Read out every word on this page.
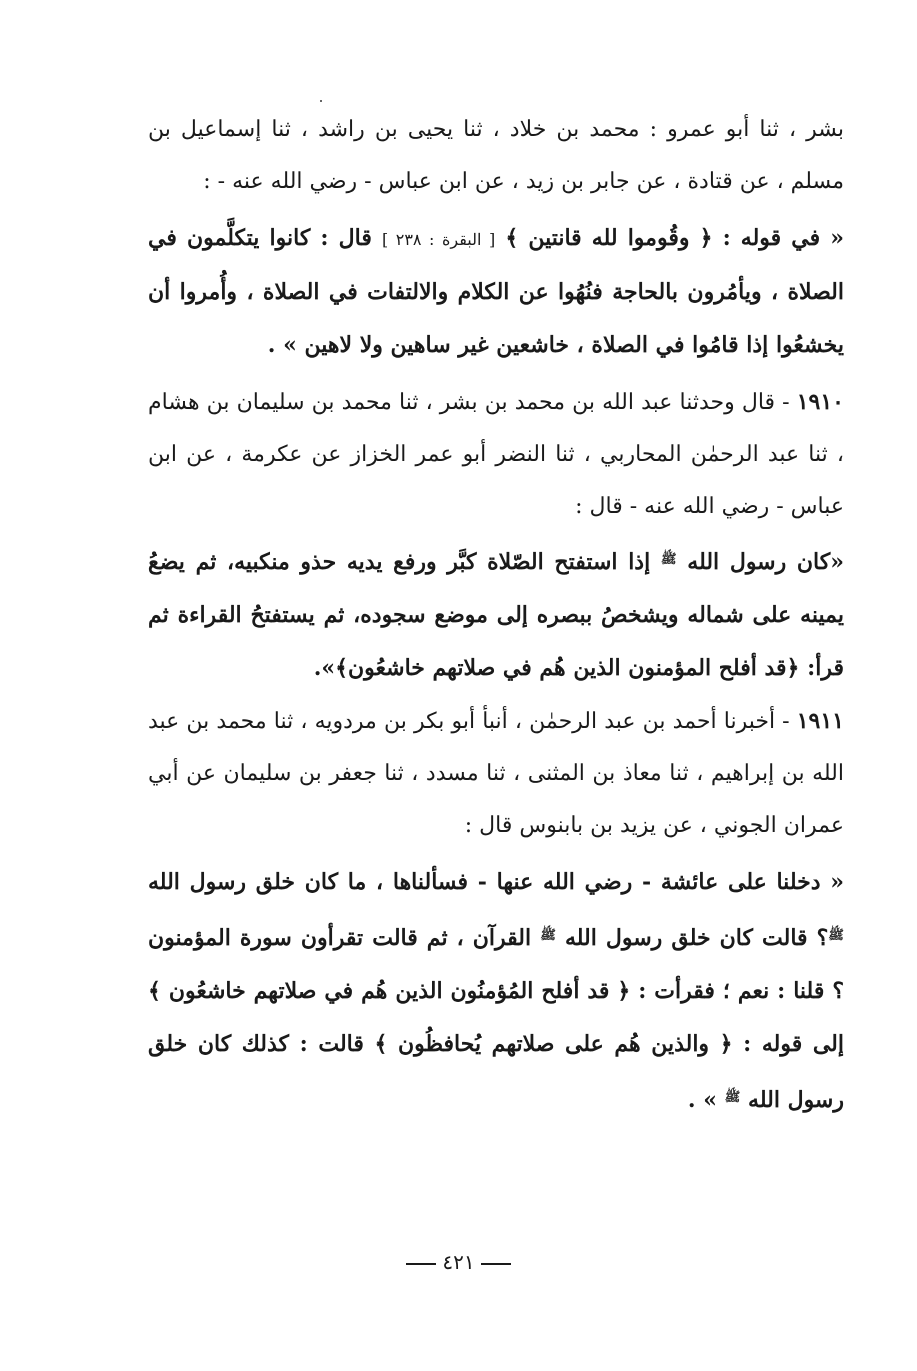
بشر ، ثنا أبو عمرو : محمد بن خلاد ، ثنا يحيى بن راشد ، ثنا إسماعيل بن مسلم ، عن قتادة ، عن جابر بن زيد ، عن ابن عباس - رضي الله عنه - :

« في قوله : ﴿ وقُوموا لله قانتين ﴾ [ البقرة : ٢٣٨ ] قال : كانوا يتكلَّمون في الصلاة ، ويأمُرون بالحاجة فنُهُوا عن الكلام والالتفات في الصلاة ، وأُمروا أن يخشعُوا إذا قامُوا في الصلاة ، خاشعين غير ساهين ولا لاهين » .

١٩١٠ - قال وحدثنا عبد الله بن محمد بن بشر ، ثنا محمد بن سليمان بن هشام ، ثنا عبد الرحمٰن المحاربي ، ثنا النضر أبو عمر الخزاز عن عكرمة ، عن ابن عباس - رضي الله عنه - قال :

«كان رسول الله $^ﷺ$ إذا استفتح الصّلاة كبَّر ورفع يديه حذو منكبيه، ثم يضعُ يمينه على شماله ويشخصُ ببصره إلى موضع سجوده، ثم يستفتحُ القراءة ثم قرأ: ﴿قد أفلح المؤمنون الذين هُم في صلاتهم خاشعُون﴾».

١٩١١ - أخبرنا أحمد بن عبد الرحمٰن ، أنبأ أبو بكر بن مردويه ، ثنا محمد بن عبد الله بن إبراهيم ، ثنا معاذ بن المثنى ، ثنا مسدد ، ثنا جعفر بن سليمان عن أبي عمران الجوني ، عن يزيد بن بابنوس قال :

« دخلنا على عائشة - رضي الله عنها - فسألناها ، ما كان خلق رسول الله $^ﷺ$؟ قالت كان خلق رسول الله $^ﷺ$ القرآن ، ثم قالت تقرأون سورة المؤمنون ؟ قلنا : نعم ؛ فقرأت : ﴿ قد أفلح المُؤمنُون الذين هُم في صلاتهم خاشعُون ﴾ إلى قوله : ﴿ والذين هُم على صلاتهم يُحافظُون ﴾ قالت : كذلك كان خلق رسول الله $^ﷺ$ » .

٤٢١
